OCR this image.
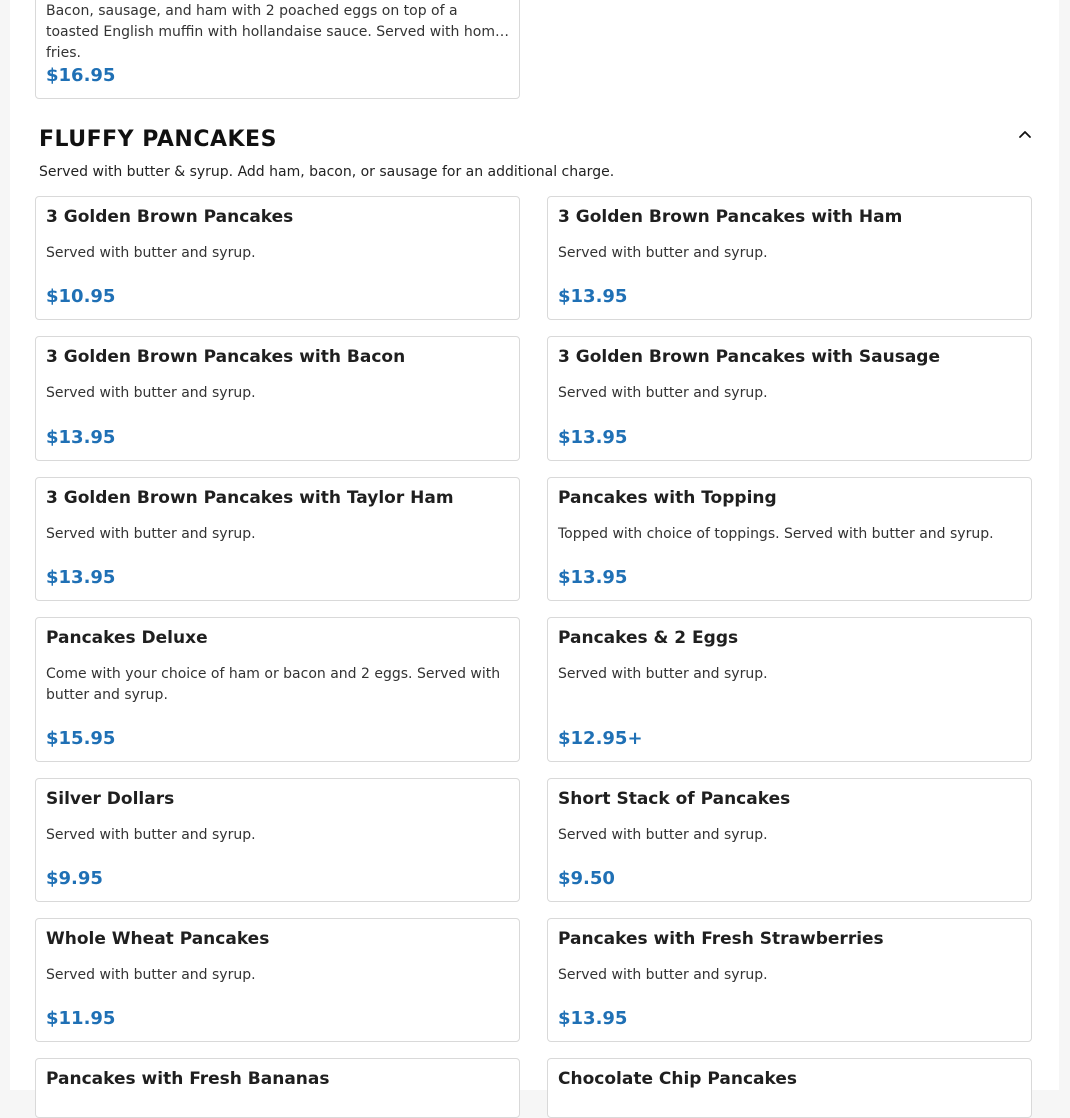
Bacon, sausage, and ham with 2 poached eggs on top of a toasted English muffin with hollandaise sauce. Served with home fries.
$16.95
FLUFFY PANCAKES
Served with butter & syrup. Add ham, bacon, or sausage for an additional charge.
3 Golden Brown Pancakes
Served with butter and syrup.
$10.95
3 Golden Brown Pancakes with Ham
Served with butter and syrup.
$13.95
3 Golden Brown Pancakes with Bacon
Served with butter and syrup.
$13.95
3 Golden Brown Pancakes with Sausage
Served with butter and syrup.
$13.95
3 Golden Brown Pancakes with Taylor Ham
Served with butter and syrup.
$13.95
Pancakes with Topping
Topped with choice of toppings. Served with butter and syrup.
$13.95
Pancakes Deluxe
Come with your choice of ham or bacon and 2 eggs. Served with butter and syrup.
$15.95
Pancakes & 2 Eggs
Served with butter and syrup.
$12.95+
Silver Dollars
Served with butter and syrup.
$9.95
Short Stack of Pancakes
Served with butter and syrup.
$9.50
Whole Wheat Pancakes
Served with butter and syrup.
$11.95
Pancakes with Fresh Strawberries
Served with butter and syrup.
$13.95
Pancakes with Fresh Bananas	Chocolate Chip Pancakes
